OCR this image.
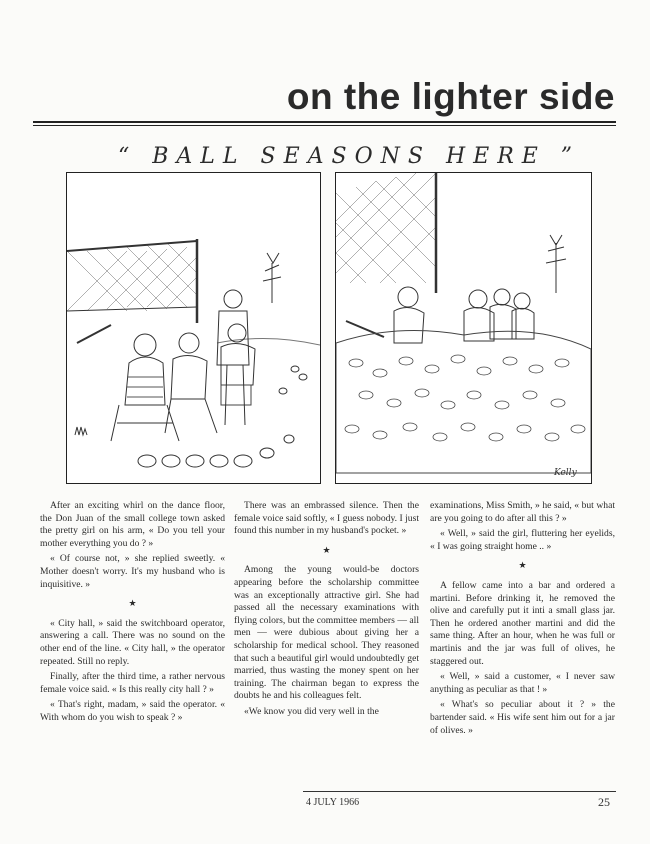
on the lighter side
“ BALL SEASONS HERE ”
Kelly

After an exciting whirl on the dance floor, the Don Juan of the small college town asked the pretty girl on his arm, « Do you tell your mother everything you do ? »

« Of course not, » she replied sweetly. « Mother doesn't worry. It's my husband who is inquisitive. »

★

« City hall, » said the switchboard operator, answering a call. There was no sound on the other end of the line. « City hall, » the operator repeated. Still no reply.

Finally, after the third time, a rather nervous female voice said. « Is this really city hall ? »

« That's right, madam, » said the operator. « With whom do you wish to speak ? »

There was an embrassed silence. Then the female voice said softly, « I guess nobody. I just found this number in my husband's pocket. »

★

Among the young would-be doctors appearing before the scholarship committee was an exceptionally attractive girl. She had passed all the necessary examinations with flying colors, but the committee members — all men — were dubious about giving her a scholarship for medical school. They reasoned that such a beautiful girl would undoubtedly get married, thus wasting the money spent on her training. The chairman began to express the doubts he and his colleagues felt.

«We know you did very well in the

examinations, Miss Smith, » he said, « but what are you going to do after all this ? »

« Well, » said the girl, fluttering her eyelids, « I was going straight home .. »

★

A fellow came into a bar and ordered a martini. Before drinking it, he removed the olive and carefully put it inti a small glass jar. Then he ordered another martini and did the same thing. After an hour, when he was full or martinis and the jar was full of olives, he staggered out.

« Well, » said a customer, « I never saw anything as peculiar as that ! »

« What's so peculiar about it ? » the bartender said. « His wife sent him out for a jar of olives. »

4 JULY 1966	25
